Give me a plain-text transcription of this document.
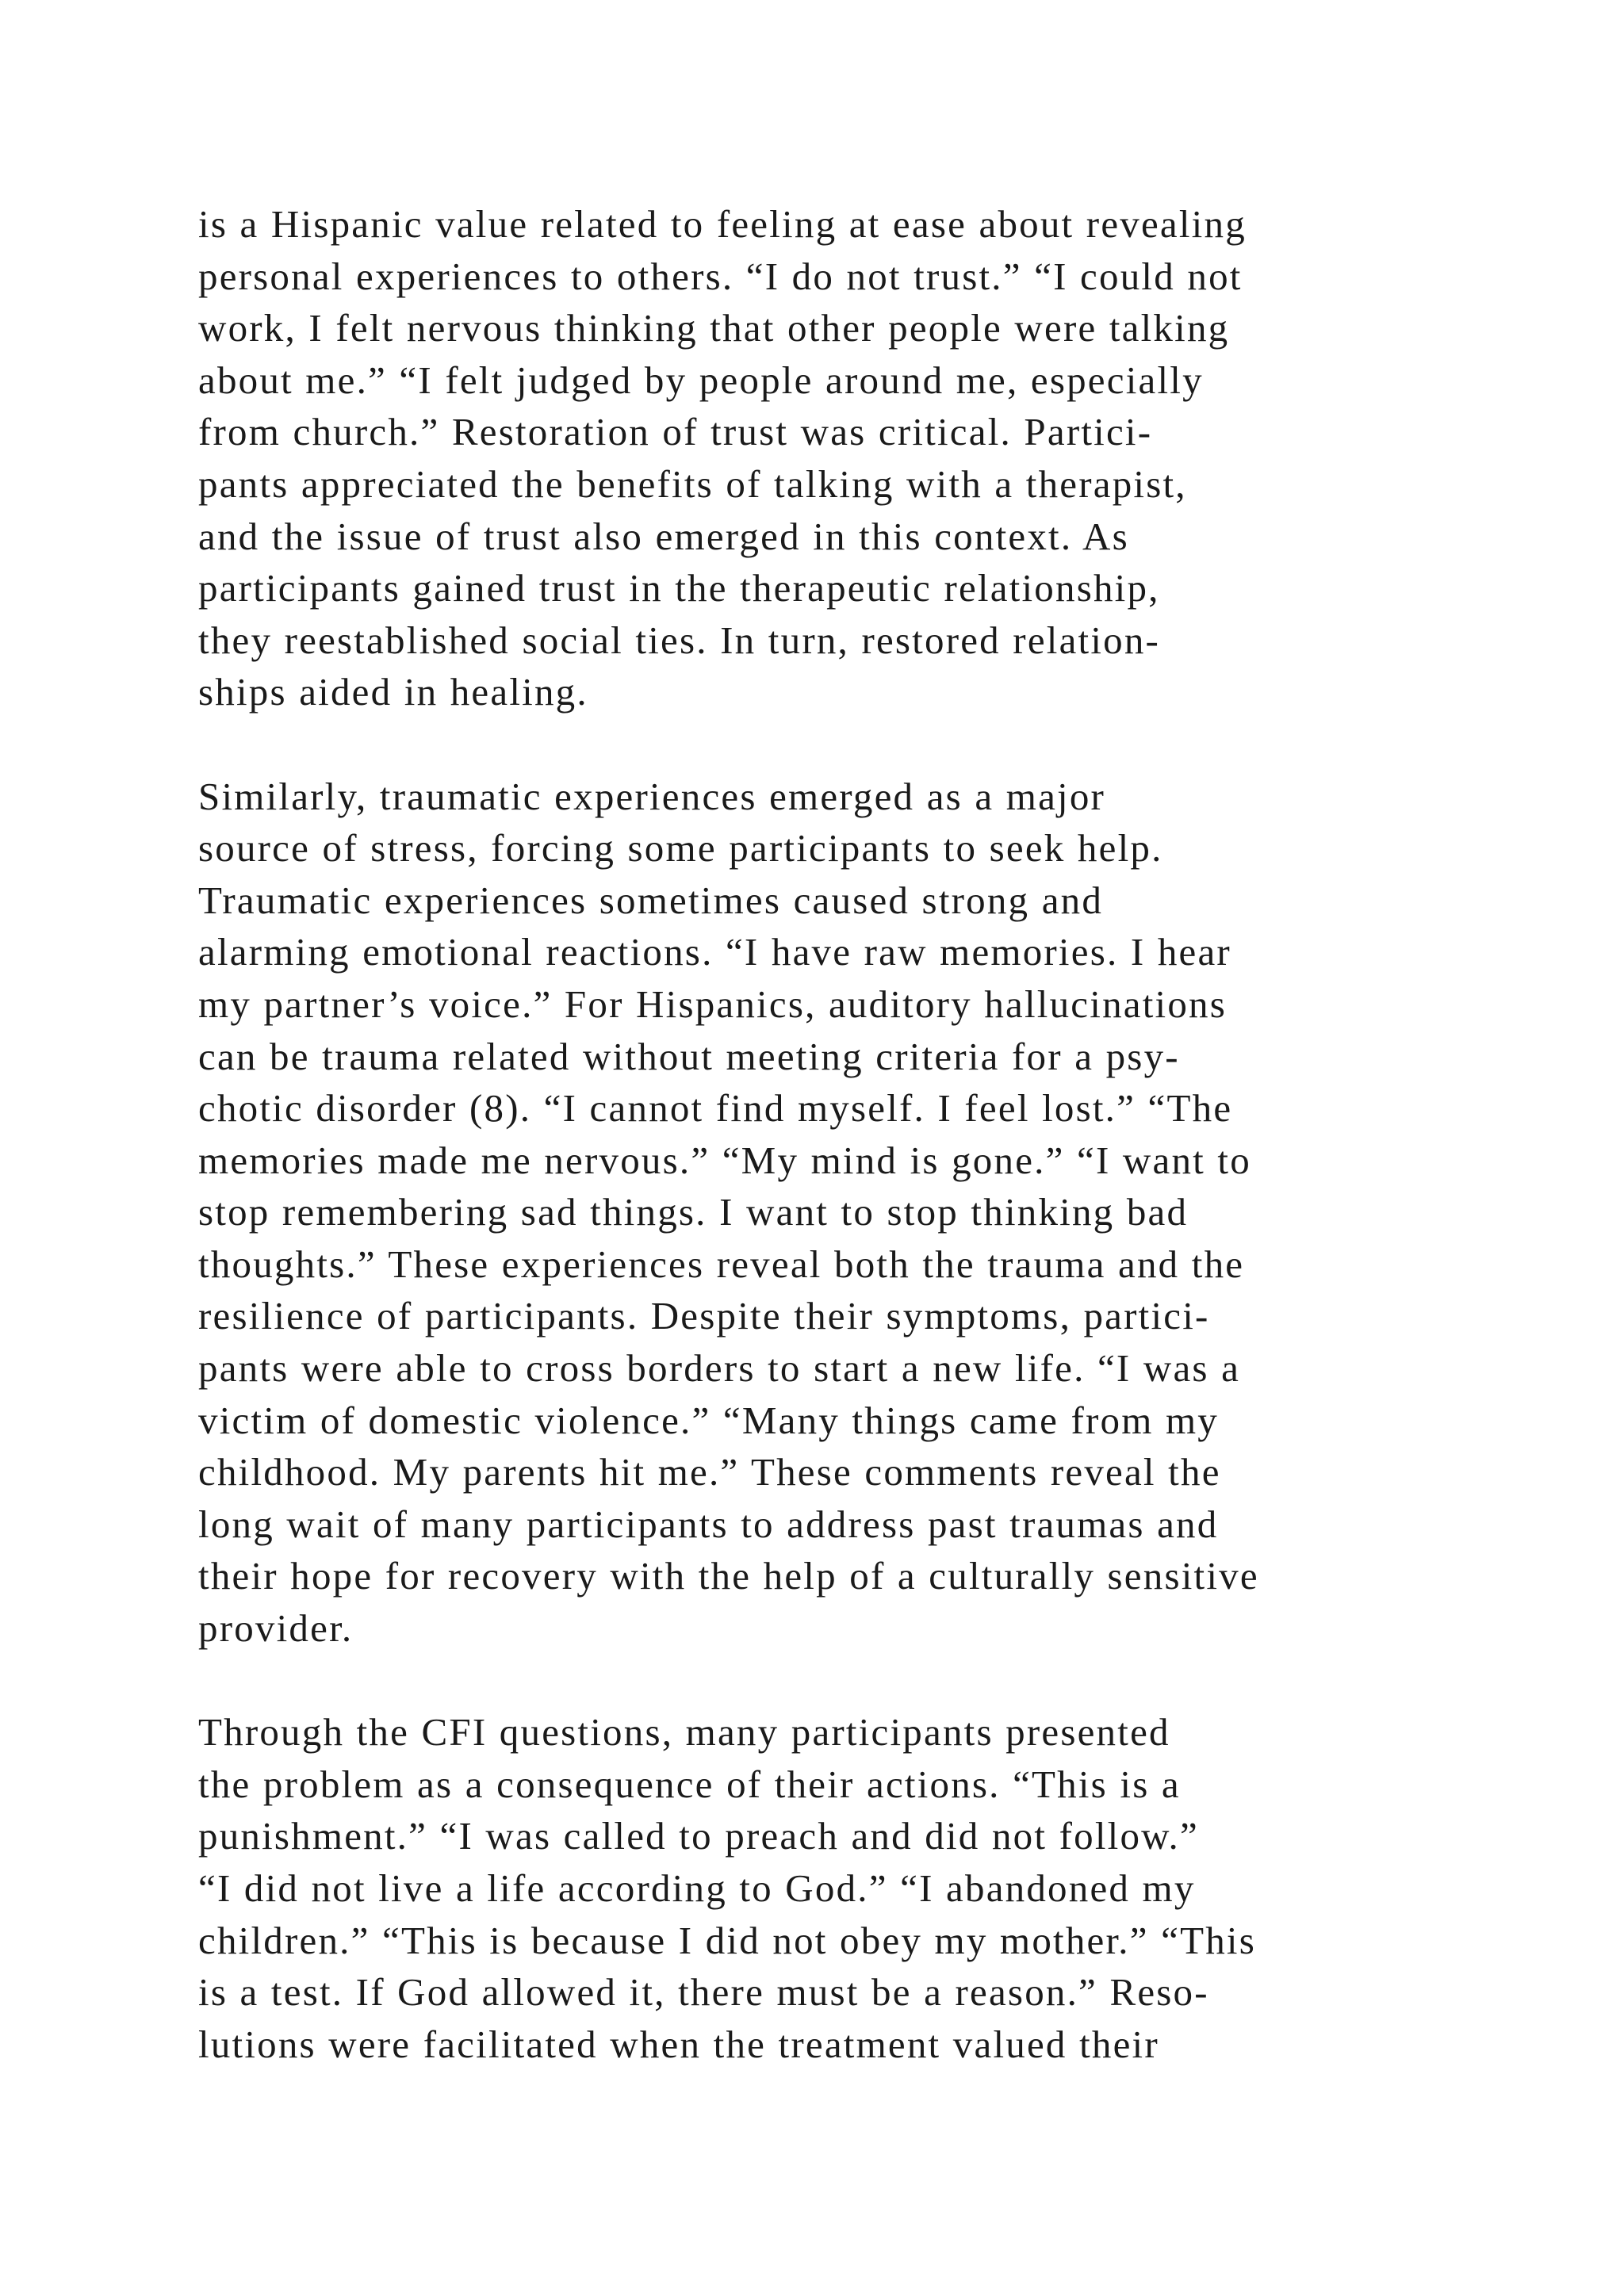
is a Hispanic value related to feeling at ease about revealing
personal experiences to others. “I do not trust.” “I could not
work, I felt nervous thinking that other people were talking
about me.” “I felt judged by people around me, especially
from church.” Restoration of trust was critical. Partici-
pants appreciated the benefits of talking with a therapist,
and the issue of trust also emerged in this context. As
participants gained trust in the therapeutic relationship,
they reestablished social ties. In turn, restored relation-
ships aided in healing.
Similarly, traumatic experiences emerged as a major
source of stress, forcing some participants to seek help.
Traumatic experiences sometimes caused strong and
alarming emotional reactions. “I have raw memories. I hear
my partner’s voice.” For Hispanics, auditory hallucinations
can be trauma related without meeting criteria for a psy-
chotic disorder (8). “I cannot find myself. I feel lost.” “The
memories made me nervous.” “My mind is gone.” “I want to
stop remembering sad things. I want to stop thinking bad
thoughts.” These experiences reveal both the trauma and the
resilience of participants. Despite their symptoms, partici-
pants were able to cross borders to start a new life. “I was a
victim of domestic violence.” “Many things came from my
childhood. My parents hit me.” These comments reveal the
long wait of many participants to address past traumas and
their hope for recovery with the help of a culturally sensitive
provider.
Through the CFI questions, many participants presented
the problem as a consequence of their actions. “This is a
punishment.” “I was called to preach and did not follow.”
“I did not live a life according to God.” “I abandoned my
children.” “This is because I did not obey my mother.” “This
is a test. If God allowed it, there must be a reason.” Reso-
lutions were facilitated when the treatment valued their
